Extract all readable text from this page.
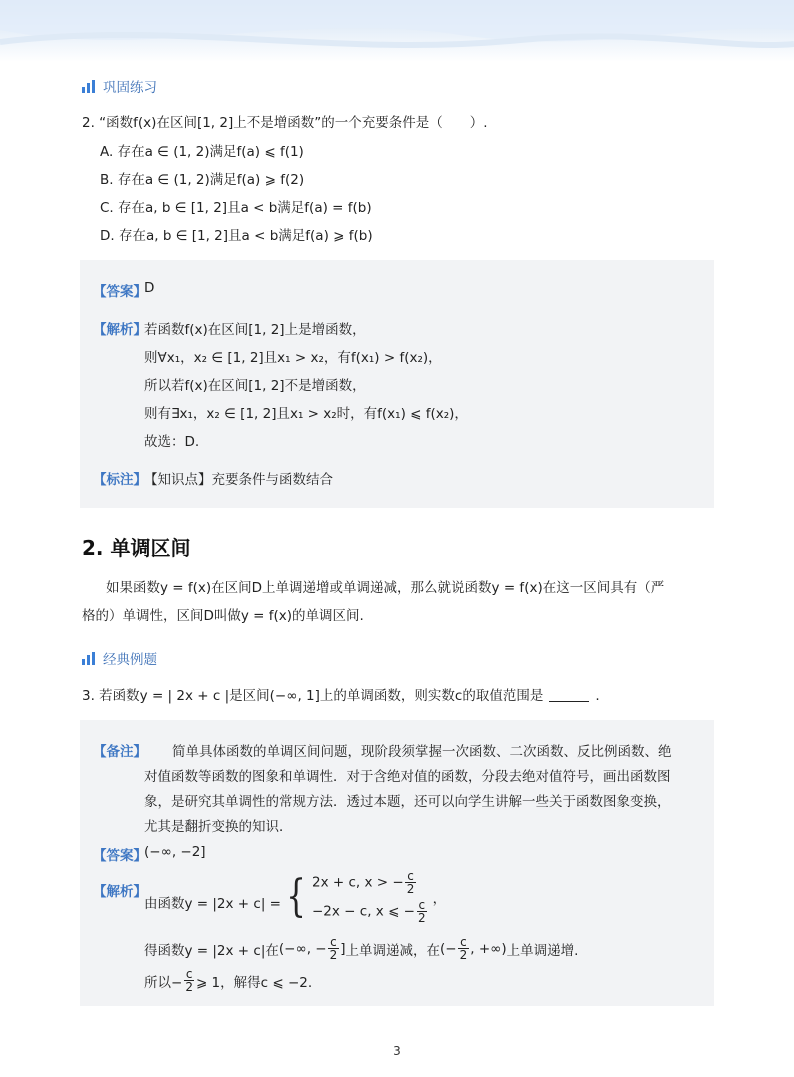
巩固练习
2. “函数f(x)在区间[1, 2]上不是增函数”的一个充要条件是（　　）.
A. 存在a ∈ (1, 2)满足f(a) ⩽ f(1)
B. 存在a ∈ (1, 2)满足f(a) ⩾ f(2)
C. 存在a, b ∈ [1, 2]且a < b满足f(a) = f(b)
D. 存在a, b ∈ [1, 2]且a < b满足f(a) ⩾ f(b)
【答案】
D
【解析】
若函数f(x)在区间[1, 2]上是增函数，
则∀x₁，x₂ ∈ [1, 2]且x₁ > x₂，有f(x₁) > f(x₂)，
所以若f(x)在区间[1, 2]不是增函数，
则有∃x₁，x₂ ∈ [1, 2]且x₁ > x₂时，有f(x₁) ⩽ f(x₂)，
故选：D.
【标注】
【知识点】充要条件与函数结合
2. 单调区间
如果函数y = f(x)在区间D上单调递增或单调递减，那么就说函数y = f(x)在这一区间具有（严
格的）单调性，区间D叫做y = f(x)的单调区间.
经典例题
3. 若函数y = | 2x + c |是区间(−∞, 1]上的单调函数，则实数c的取值范围是	.
【备注】 简单具体函数的单调区间问题，现阶段须掌握一次函数、二次函数、反比例函数、绝
对值函数等函数的图象和单调性．对于含绝对值的函数，分段去绝对值符号，画出函数图
象，是研究其单调性的常规方法．透过本题，还可以向学生讲解一些关于函数图象变换，
尤其是翻折变换的知识．
【答案】
(−∞, −2]
【解析】
由函数y = |2x + c| = { 2x + c, x > − $\frac{c}{2}$
−2x − c, x ⩽ − $\frac{c}{2}$ ，
得函数y = |2x + c|在 (−∞, − $\frac{c}{2}$ ] 上单调递减，在 (− $\frac{c}{2}$ , +∞) 上单调递增.
所以− $\frac{c}{2}$ ⩾ 1，解得c ⩽ −2.
3
